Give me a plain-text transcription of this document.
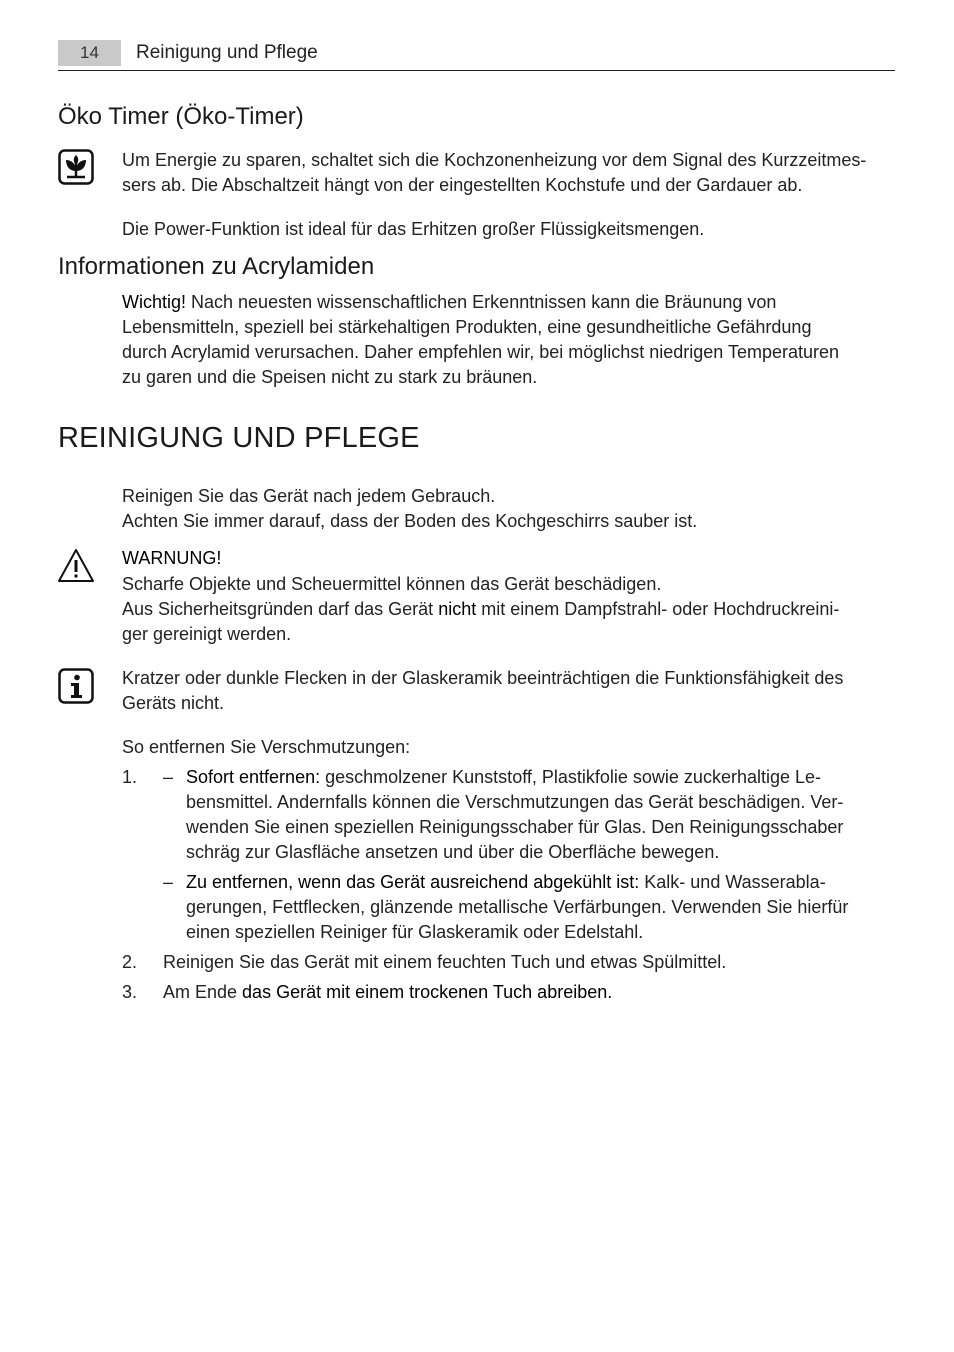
14	Reinigung und Pflege
Öko Timer (Öko-Timer)
Um Energie zu sparen, schaltet sich die Kochzonenheizung vor dem Signal des Kurzzeitmes-
sers ab. Die Abschaltzeit hängt von der eingestellten Kochstufe und der Gardauer ab.
Die Power-Funktion ist ideal für das Erhitzen großer Flüssigkeitsmengen.
Informationen zu Acrylamiden
Wichtig! Nach neuesten wissenschaftlichen Erkenntnissen kann die Bräunung von
Lebensmitteln, speziell bei stärkehaltigen Produkten, eine gesundheitliche Gefährdung
durch Acrylamid verursachen. Daher empfehlen wir, bei möglichst niedrigen Temperaturen
zu garen und die Speisen nicht zu stark zu bräunen.
REINIGUNG UND PFLEGE
Reinigen Sie das Gerät nach jedem Gebrauch.
Achten Sie immer darauf, dass der Boden des Kochgeschirrs sauber ist.
WARNUNG!
Scharfe Objekte und Scheuermittel können das Gerät beschädigen.
Aus Sicherheitsgründen darf das Gerät nicht mit einem Dampfstrahl- oder Hochdruckreini-
ger gereinigt werden.
Kratzer oder dunkle Flecken in der Glaskeramik beeinträchtigen die Funktionsfähigkeit des
Geräts nicht.
So entfernen Sie Verschmutzungen:
1. – Sofort entfernen: geschmolzener Kunststoff, Plastikfolie sowie zuckerhaltige Le-
bensmittel. Andernfalls können die Verschmutzungen das Gerät beschädigen. Ver-
wenden Sie einen speziellen Reinigungsschaber für Glas. Den Reinigungsschaber
schräg zur Glasfläche ansetzen und über die Oberfläche bewegen.
– Zu entfernen, wenn das Gerät ausreichend abgekühlt ist: Kalk- und Wasserabla-
gerungen, Fettflecken, glänzende metallische Verfärbungen. Verwenden Sie hierfür
einen speziellen Reiniger für Glaskeramik oder Edelstahl.
2. Reinigen Sie das Gerät mit einem feuchten Tuch und etwas Spülmittel.
3. Am Ende das Gerät mit einem trockenen Tuch abreiben.
